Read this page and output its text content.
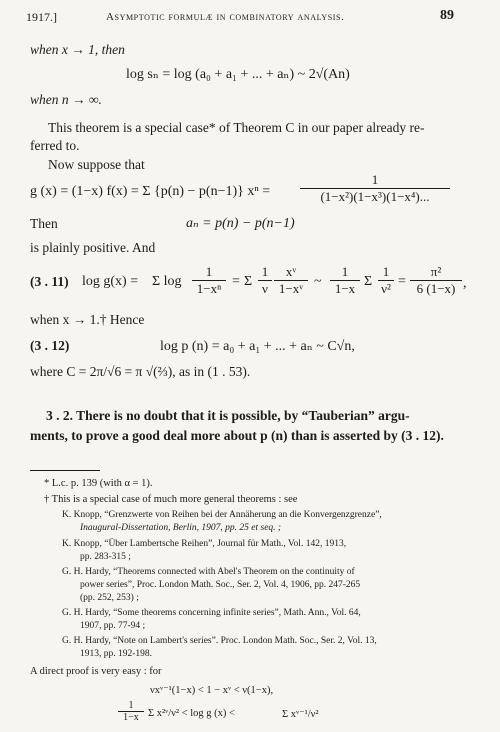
1917.]	Asymptotic formulæ in combinatory analysis.	89
when x → 1, then
log sₙ = log (a₀ + a₁ + ... + aₙ) ~ 2√(An)
when n → ∞.
This theorem is a special case* of Theorem C in our paper already re-
ferred to.
Now suppose that
g (x) = (1−x) f(x) = Σ {p(n) − p(n−1)} $x^n = \frac{1}{\text{(1−x²)(1−x³)(1−x⁴)...}}$
Then	aₙ = p(n) − p(n−1)
is plainly positive. And
(3 . 11) log g(x) = Σ $\log \frac{1}{\text{1−xⁿ}} = \Sigma \frac{1}{\nu} \frac{\text{xᵛ}}{\text{1−xᵛ}}$ ~ $\frac{1}{1-x}$ Σ $\frac{1}{\text{ν²}} = \frac{\text{π²}}{6 (1-x)}$ ,
when x → 1.† Hence
(3 . 12)	log p (n) = a₀ + a₁ + ... + aₙ ~ C√n,
where C = 2π/√6 = π √(⅔), as in (1 . 53).
3 . 2. There is no doubt that it is possible, by “Tauberian” argu-
ments, to prove a good deal more about p (n) than is asserted by (3 . 12).
* L.c. p. 139 (with α = 1).
† This is a special case of much more general theorems : see
K. Knopp, “Grenzwerte von Reihen bei der Annäherung an die Konvergenzgrenze”,
Inaugural-Dissertation, Berlin, 1907, pp. 25 et seq. ;
K. Knopp, “Über Lambertsche Reihen”, Journal für Math., Vol. 142, 1913,
pp. 283-315 ;
G. H. Hardy, “Theorems connected with Abel's Theorem on the continuity of
power series”, Proc. London Math. Soc., Ser. 2, Vol. 4, 1906, pp. 247-265
(pp. 252, 253) ;
G. H. Hardy, “Some theorems concerning infinite series”, Math. Ann., Vol. 64,
1907, pp. 77-94 ;
G. H. Hardy, “Note on Lambert's series”. Proc. London Math. Soc., Ser. 2, Vol. 13,
1913, pp. 192-198.
A direct proof is very easy : for
νxᵛ⁻¹(1−x) < 1 − xᵛ < ν(1−x),
$\frac{1}{1-x}$ Σ x²ᵛ/ν² < log g (x) <	Σ xᵛ⁻¹/ν²
